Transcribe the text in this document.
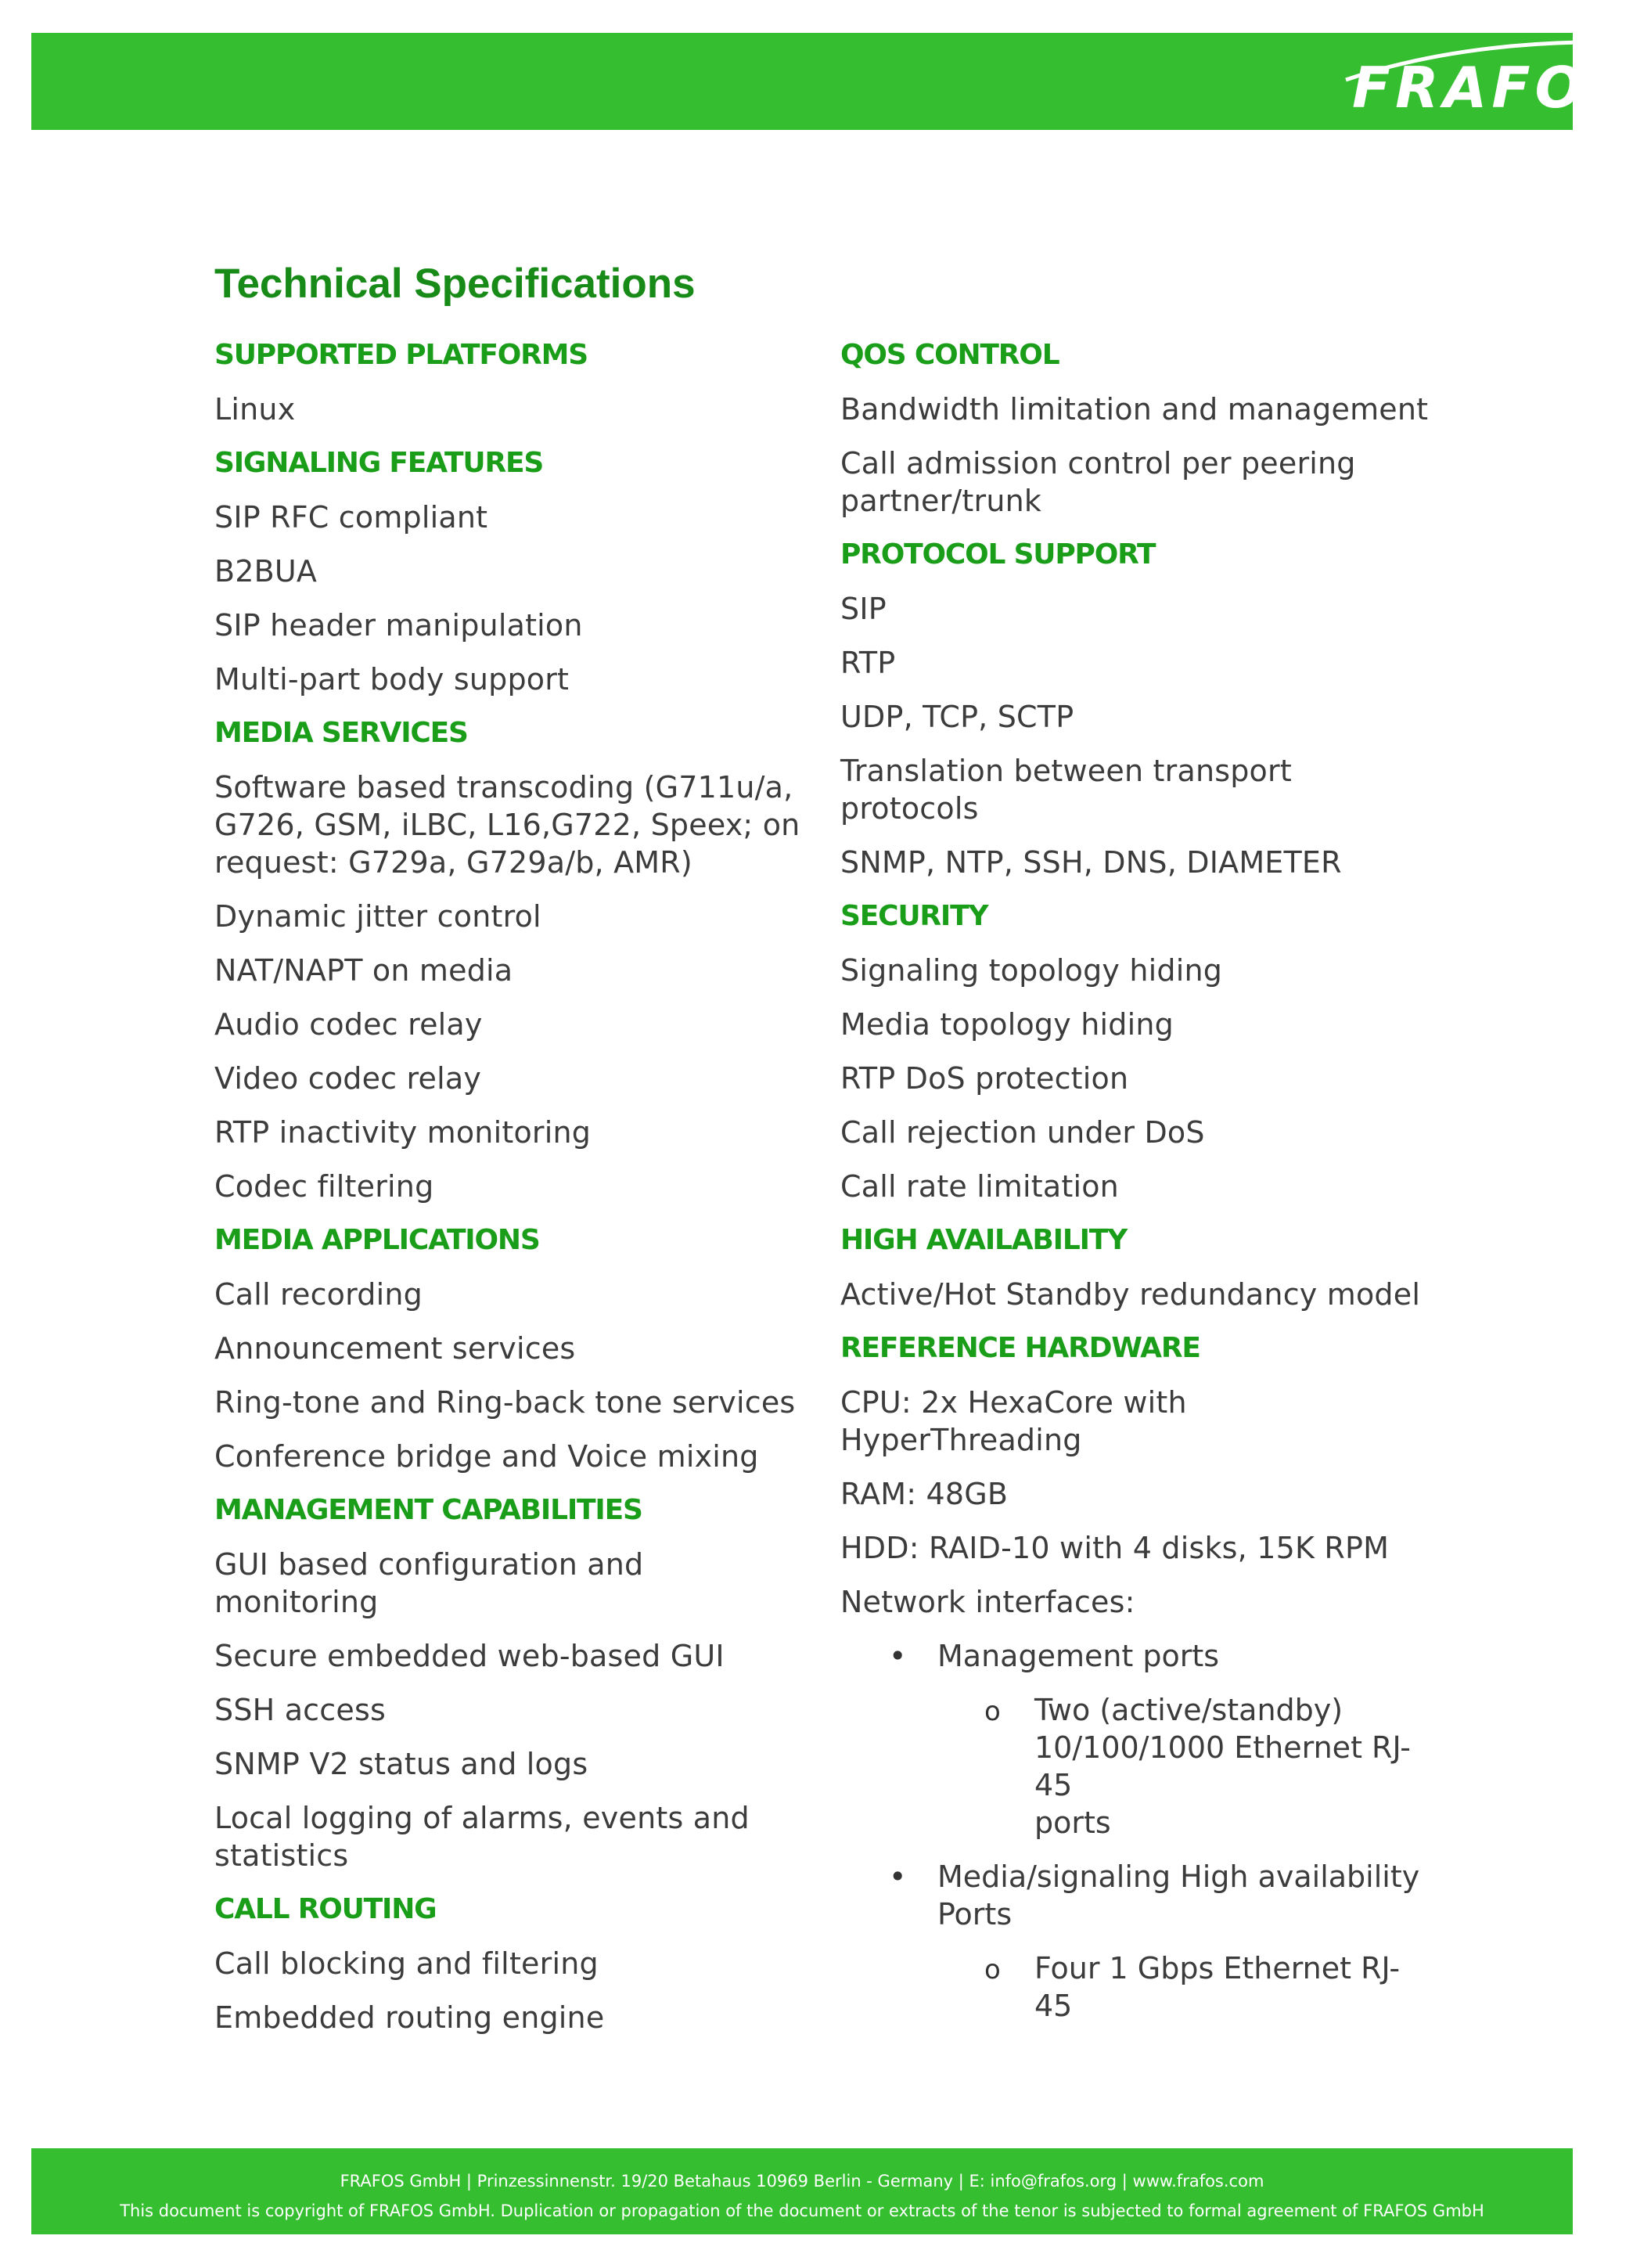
FRAFOS
Technical Specifications
SUPPORTED PLATFORMS
Linux
SIGNALING FEATURES
SIP RFC compliant
B2BUA
SIP header manipulation
Multi-part body support
MEDIA SERVICES
Software based transcoding (G711u/a,
G726, GSM, iLBC, L16,G722, Speex; on
request: G729a, G729a/b, AMR)
Dynamic jitter control
NAT/NAPT on media
Audio codec relay
Video codec relay
RTP inactivity monitoring
Codec filtering
MEDIA APPLICATIONS
Call recording
Announcement services
Ring-tone and Ring-back tone services
Conference bridge and Voice mixing
MANAGEMENT CAPABILITIES
GUI based configuration and monitoring
Secure embedded web-based GUI
SSH access
SNMP V2 status and logs
Local logging of alarms, events and
statistics
CALL ROUTING
Call blocking and filtering
Embedded routing engine
QOS CONTROL
Bandwidth limitation and management
Call admission control per peering
partner/trunk
PROTOCOL SUPPORT
SIP
RTP
UDP, TCP, SCTP
Translation between transport protocols
SNMP, NTP, SSH, DNS, DIAMETER
SECURITY
Signaling topology hiding
Media topology hiding
RTP DoS protection
Call rejection under DoS
Call rate limitation
HIGH AVAILABILITY
Active/Hot Standby redundancy model
REFERENCE HARDWARE
CPU: 2x HexaCore with HyperThreading
RAM: 48GB
HDD: RAID-10 with 4 disks, 15K RPM
Network interfaces:
• Management ports
o Two (active/standby)
10/100/1000 Ethernet RJ-45
ports
• Media/signaling High availability
Ports
o Four 1 Gbps Ethernet RJ-45
FRAFOS GmbH | Prinzessinnenstr. 19/20 Betahaus 10969 Berlin - Germany | E: info@frafos.org | www.frafos.com
This document is copyright of FRAFOS GmbH. Duplication or propagation of the document or extracts of the tenor is subjected to formal agreement of FRAFOS GmbH
